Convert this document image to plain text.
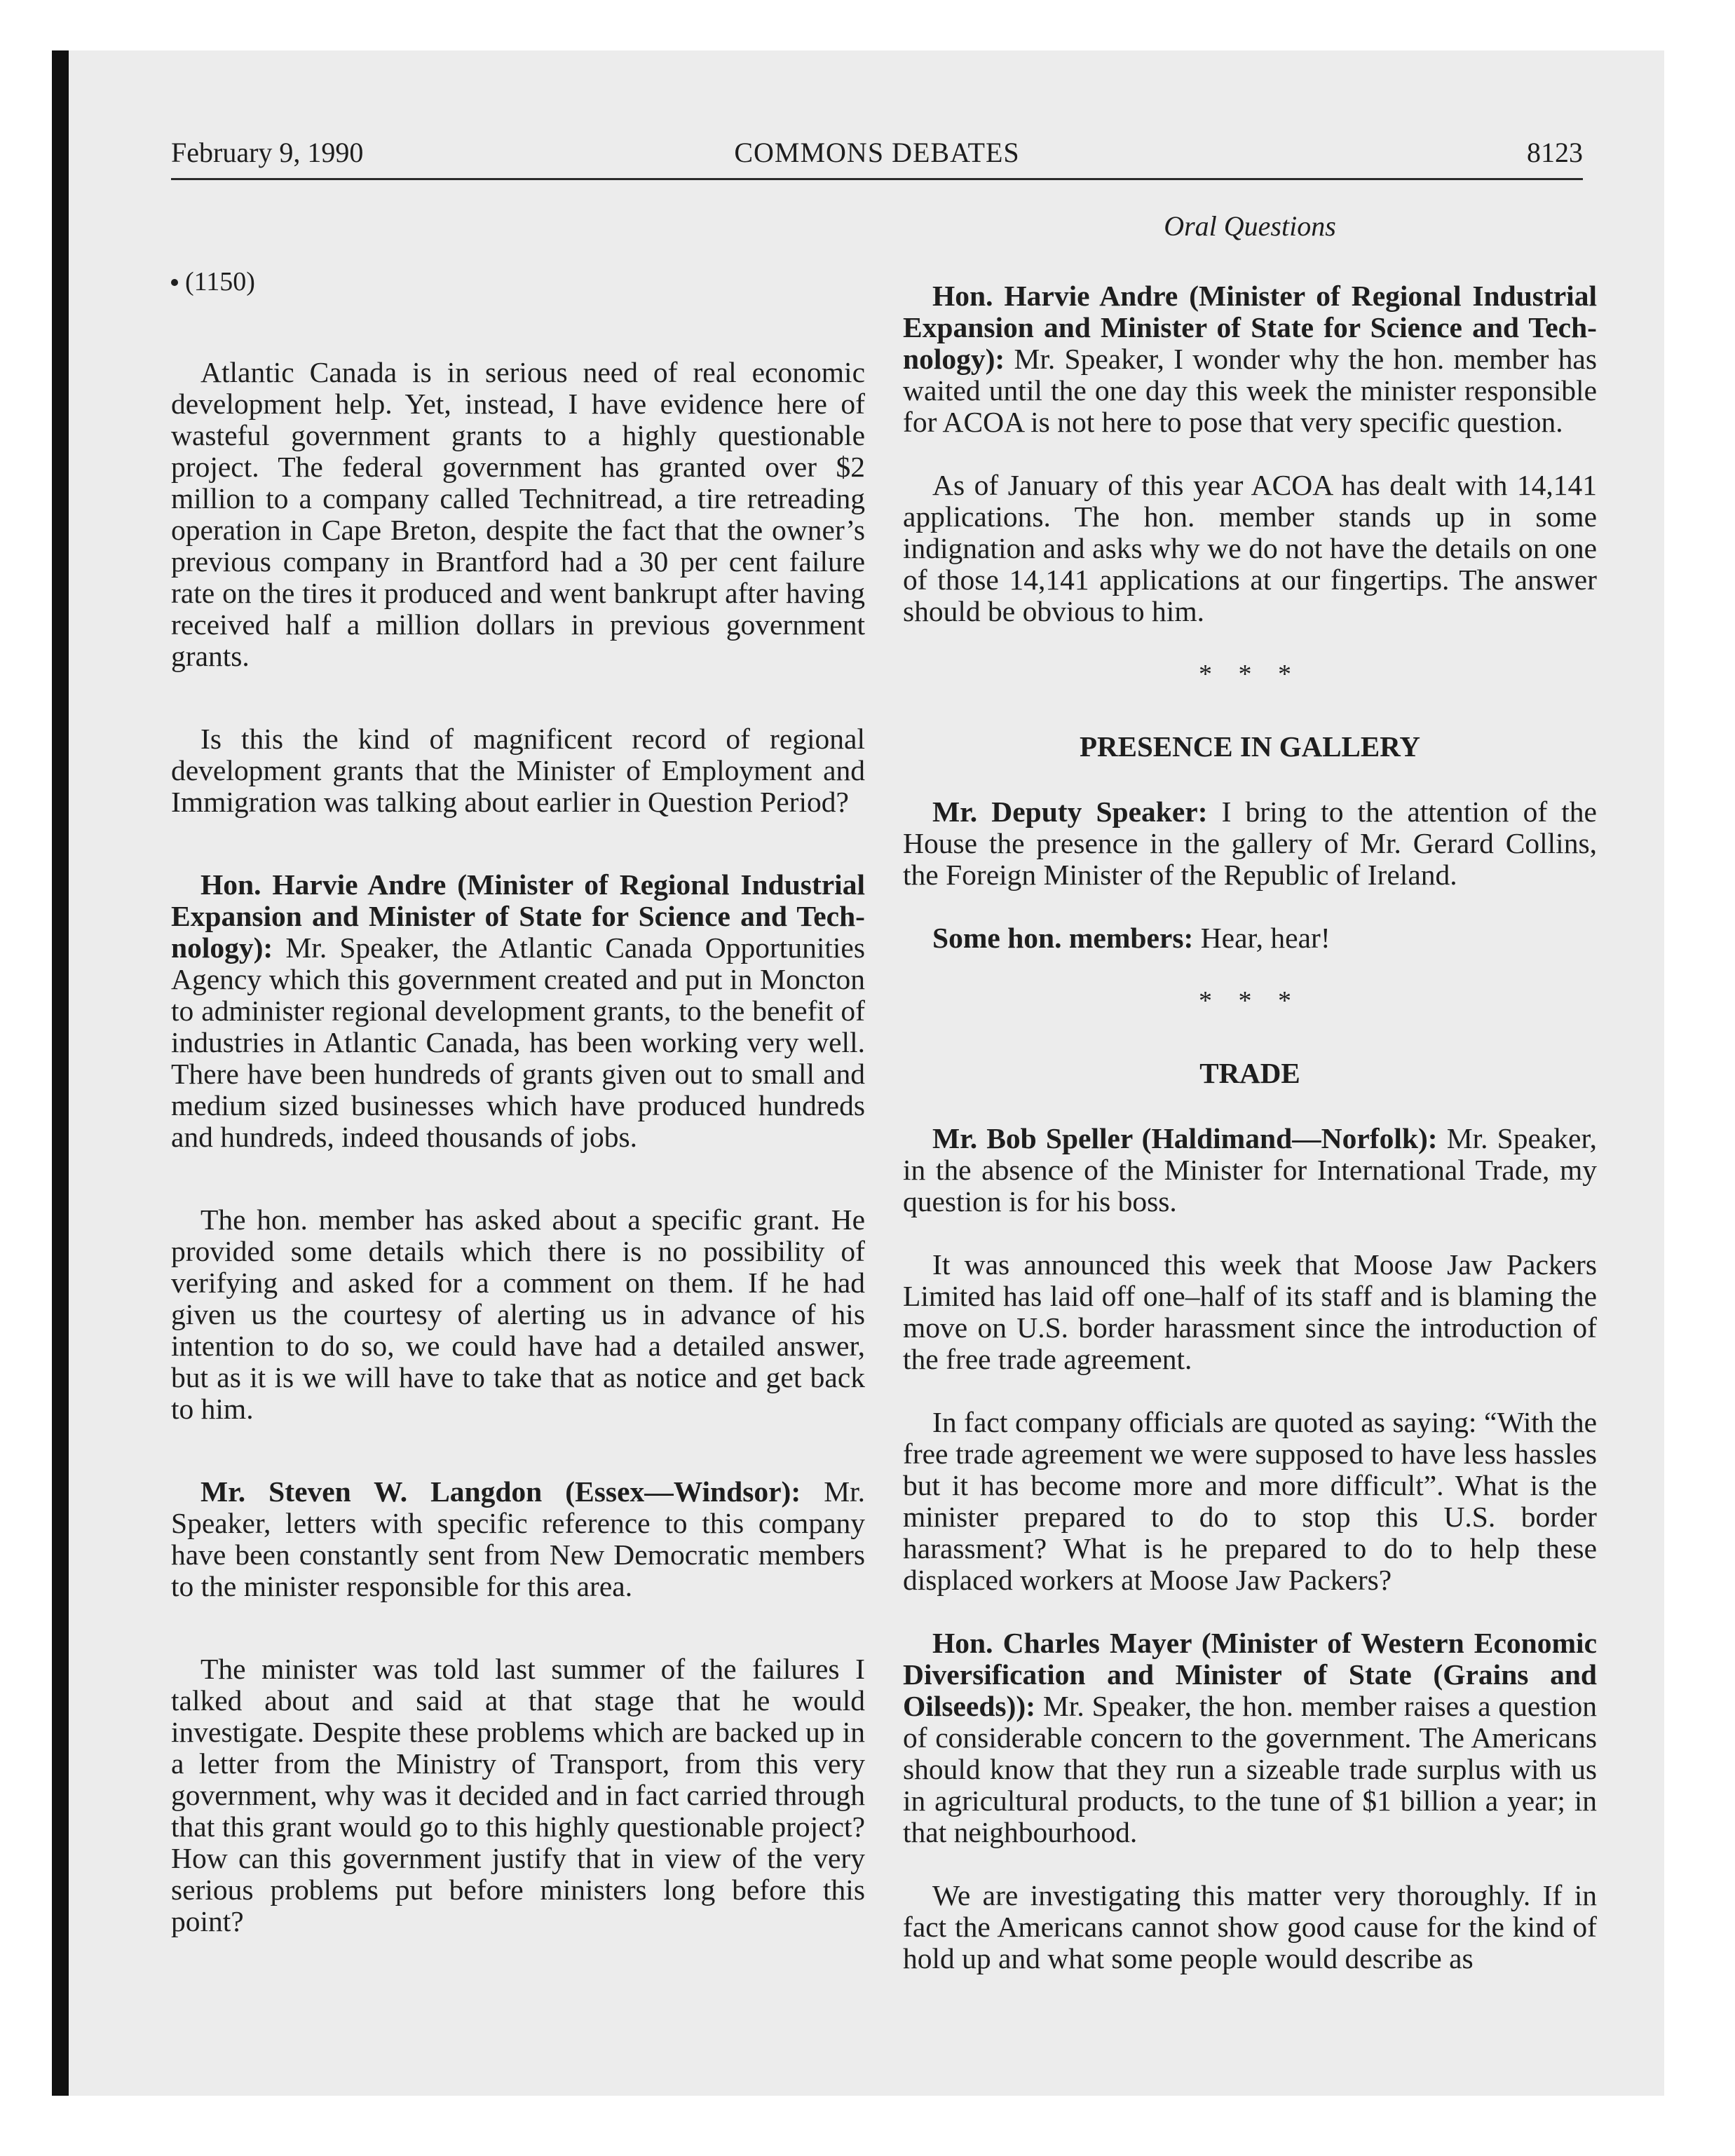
February 9, 1990	COMMONS DEBATES	8123
(1150)

Atlantic Canada is in serious need of real economic development help. Yet, instead, I have evidence here of wasteful government grants to a highly questionable project. The federal government has granted over $2 million to a company called Technitread, a tire retreading operation in Cape Breton, despite the fact that the owner’s previous company in Brantford had a 30 per cent failure rate on the tires it produced and went bankrupt after having received half a million dollars in previous government grants.

Is this the kind of magnificent record of regional development grants that the Minister of Employment and Immigration was talking about earlier in Question Period?

Hon. Harvie Andre (Minister of Regional Industrial Expansion and Minister of State for Science and Technology): Mr. Speaker, the Atlantic Canada Opportunities Agency which this government created and put in Moncton to administer regional development grants, to the benefit of industries in Atlantic Canada, has been working very well. There have been hundreds of grants given out to small and medium sized businesses which have produced hundreds and hundreds, indeed thousands of jobs.

The hon. member has asked about a specific grant. He provided some details which there is no possibility of verifying and asked for a comment on them. If he had given us the courtesy of alerting us in advance of his intention to do so, we could have had a detailed answer, but as it is we will have to take that as notice and get back to him.

Mr. Steven W. Langdon (Essex—Windsor): Mr. Speaker, letters with specific reference to this company have been constantly sent from New Democratic members to the minister responsible for this area.

The minister was told last summer of the failures I talked about and said at that stage that he would investigate. Despite these problems which are backed up in a letter from the Ministry of Transport, from this very government, why was it decided and in fact carried through that this grant would go to this highly questionable project? How can this government justify that in view of the very serious problems put before ministers long before this point?

Oral Questions

Hon. Harvie Andre (Minister of Regional Industrial Expansion and Minister of State for Science and Technology): Mr. Speaker, I wonder why the hon. member has waited until the one day this week the minister responsible for ACOA is not here to pose that very specific question.

As of January of this year ACOA has dealt with 14,141 applications. The hon. member stands up in some indignation and asks why we do not have the details on one of those 14,141 applications at our fingertips. The answer should be obvious to him.

* * *
PRESENCE IN GALLERY

Mr. Deputy Speaker: I bring to the attention of the House the presence in the gallery of Mr. Gerard Collins, the Foreign Minister of the Republic of Ireland.

Some hon. members: Hear, hear!

* * *
TRADE

Mr. Bob Speller (Haldimand—Norfolk): Mr. Speaker, in the absence of the Minister for International Trade, my question is for his boss.

It was announced this week that Moose Jaw Packers Limited has laid off one–half of its staff and is blaming the move on U.S. border harassment since the introduction of the free trade agreement.

In fact company officials are quoted as saying: “With the free trade agreement we were supposed to have less hassles but it has become more and more difficult”. What is the minister prepared to do to stop this U.S. border harassment? What is he prepared to do to help these displaced workers at Moose Jaw Packers?

Hon. Charles Mayer (Minister of Western Economic Diversification and Minister of State (Grains and Oilseeds)): Mr. Speaker, the hon. member raises a question of considerable concern to the government. The Americans should know that they run a sizeable trade surplus with us in agricultural products, to the tune of $1 billion a year; in that neighbourhood.

We are investigating this matter very thoroughly. If in fact the Americans cannot show good cause for the kind of hold up and what some people would describe as
